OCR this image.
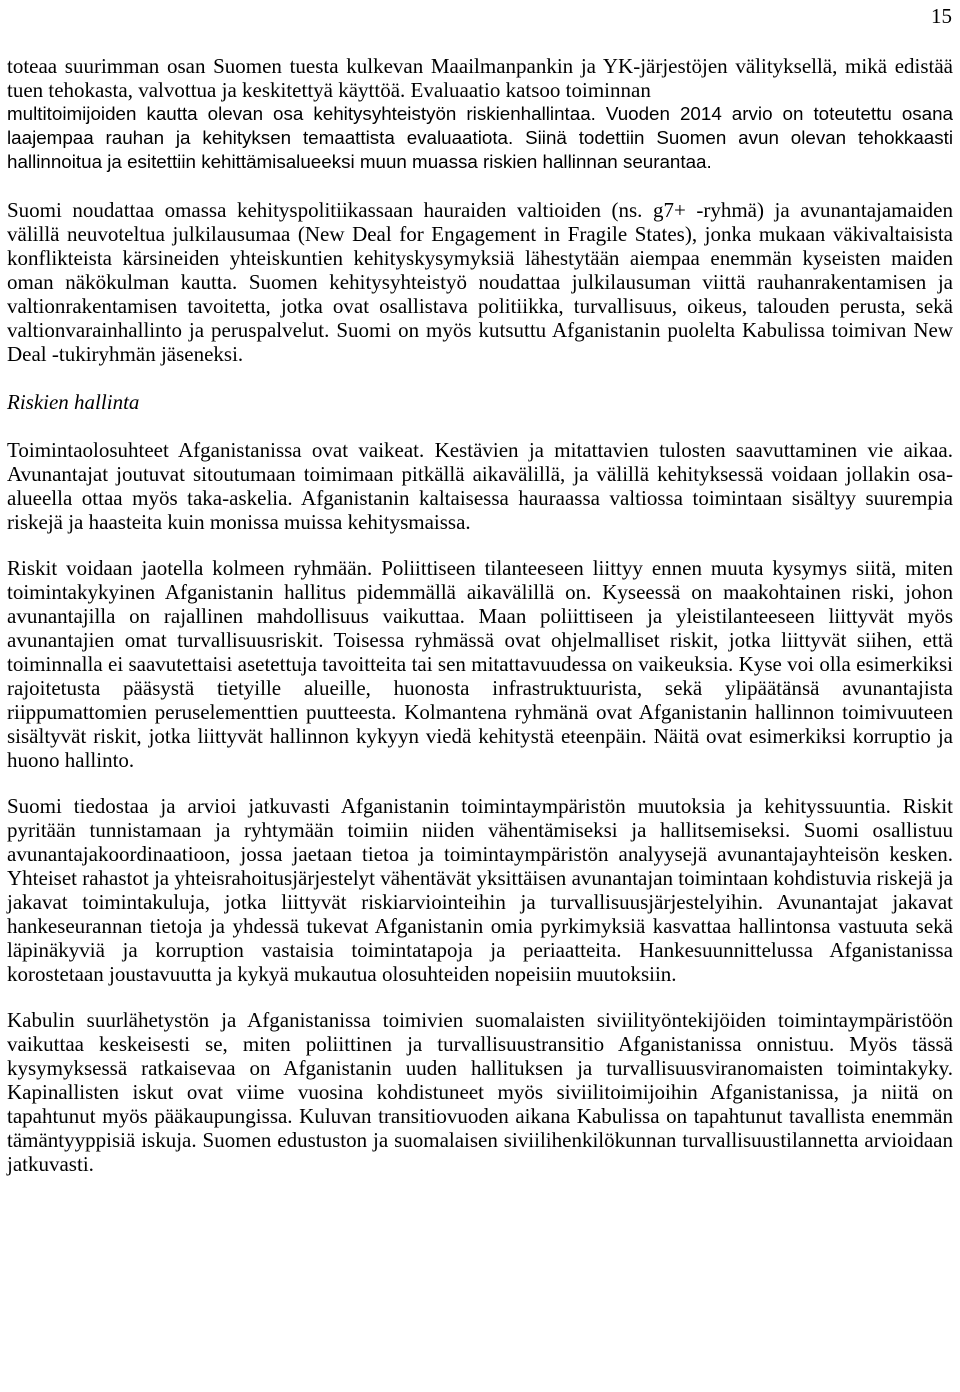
15

toteaa suurimman osan Suomen tuesta kulkevan Maailmanpankin ja YK-järjestöjen välityksellä, mikä edistää tuen tehokasta, valvottua ja keskitettyä käyttöä. Evaluaatio katsoo toiminnan
multitoimijoiden kautta olevan osa kehitysyhteistyön riskienhallintaa. Vuoden 2014 arvio on toteutettu osana laajempaa rauhan ja kehityksen temaattista evaluaatiota. Siinä todettiin Suomen avun olevan tehokkaasti hallinnoitua ja esitettiin kehittämisalueeksi muun muassa riskien hallinnan seurantaa.

Suomi noudattaa omassa kehityspolitiikassaan hauraiden valtioiden (ns. g7+ -ryhmä) ja avunantajamaiden välillä neuvoteltua julkilausumaa (New Deal for Engagement in Fragile States), jonka mukaan väkivaltaisista konflikteista kärsineiden yhteiskuntien kehityskysymyksiä lähestytään aiempaa enemmän kyseisten maiden oman näkökulman kautta. Suomen kehitysyhteistyö noudattaa julkilausuman viittä rauhanrakentamisen ja valtionrakentamisen tavoitetta, jotka ovat osallistava politiikka, turvallisuus, oikeus, talouden perusta, sekä valtionvarainhallinto ja peruspalvelut. Suomi on myös kutsuttu Afganistanin puolelta Kabulissa toimivan New Deal -tukiryhmän jäseneksi.

Riskien hallinta

Toimintaolosuhteet Afganistanissa ovat vaikeat. Kestävien ja mitattavien tulosten saavuttaminen vie aikaa. Avunantajat joutuvat sitoutumaan toimimaan pitkällä aikavälillä, ja välillä kehityksessä voidaan jollakin osa-alueella ottaa myös taka-askelia. Afganistanin kaltaisessa hauraassa valtiossa toimintaan sisältyy suurempia riskejä ja haasteita kuin monissa muissa kehitysmaissa.

Riskit voidaan jaotella kolmeen ryhmään. Poliittiseen tilanteeseen liittyy ennen muuta kysymys siitä, miten toimintakykyinen Afganistanin hallitus pidemmällä aikavälillä on. Kyseessä on maakohtainen riski, johon avunantajilla on rajallinen mahdollisuus vaikuttaa. Maan poliittiseen ja yleistilanteeseen liittyvät myös avunantajien omat turvallisuusriskit. Toisessa ryhmässä ovat ohjelmalliset riskit, jotka liittyvät siihen, että toiminnalla ei saavutettaisi asetettuja tavoitteita tai sen mitattavuudessa on vaikeuksia. Kyse voi olla esimerkiksi rajoitetusta pääsystä tietyille alueille, huonosta infrastruktuurista, sekä ylipäätänsä avunantajista riippumattomien peruselementtien puutteesta. Kolmantena ryhmänä ovat Afganistanin hallinnon toimivuuteen sisältyvät riskit, jotka liittyvät hallinnon kykyyn viedä kehitystä eteenpäin. Näitä ovat esimerkiksi korruptio ja huono hallinto.

Suomi tiedostaa ja arvioi jatkuvasti Afganistanin toimintaympäristön muutoksia ja kehityssuuntia. Riskit pyritään tunnistamaan ja ryhtymään toimiin niiden vähentämiseksi ja hallitsemiseksi. Suomi osallistuu avunantajakoordinaatioon, jossa jaetaan tietoa ja toimintaympäristön analyysejä avunantajayhteisön kesken. Yhteiset rahastot ja yhteisrahoitusjärjestelyt vähentävät yksittäisen avunantajan toimintaan kohdistuvia riskejä ja jakavat toimintakuluja, jotka liittyvät riskiarviointeihin ja turvallisuusjärjestelyihin. Avunantajat jakavat hankeseurannan tietoja ja yhdessä tukevat Afganistanin omia pyrkimyksiä kasvattaa hallintonsa vastuuta sekä läpinäkyviä ja korruption vastaisia toimintatapoja ja periaatteita. Hankesuunnittelussa Afganistanissa korostetaan joustavuutta ja kykyä mukautua olosuhteiden nopeisiin muutoksiin.

Kabulin suurlähetystön ja Afganistanissa toimivien suomalaisten siviilityöntekijöiden toimintaympäristöön vaikuttaa keskeisesti se, miten poliittinen ja turvallisuustransitio Afganistanissa onnistuu. Myös tässä kysymyksessä ratkaisevaa on Afganistanin uuden hallituksen ja turvallisuusviranomaisten toimintakyky. Kapinallisten iskut ovat viime vuosina kohdistuneet myös siviilitoimijoihin Afganistanissa, ja niitä on tapahtunut myös pääkaupungissa. Kuluvan transitiovuoden aikana Kabulissa on tapahtunut tavallista enemmän tämäntyyppisiä iskuja. Suomen edustuston ja suomalaisen siviilihenkilökunnan turvallisuustilannetta arvioidaan jatkuvasti.
